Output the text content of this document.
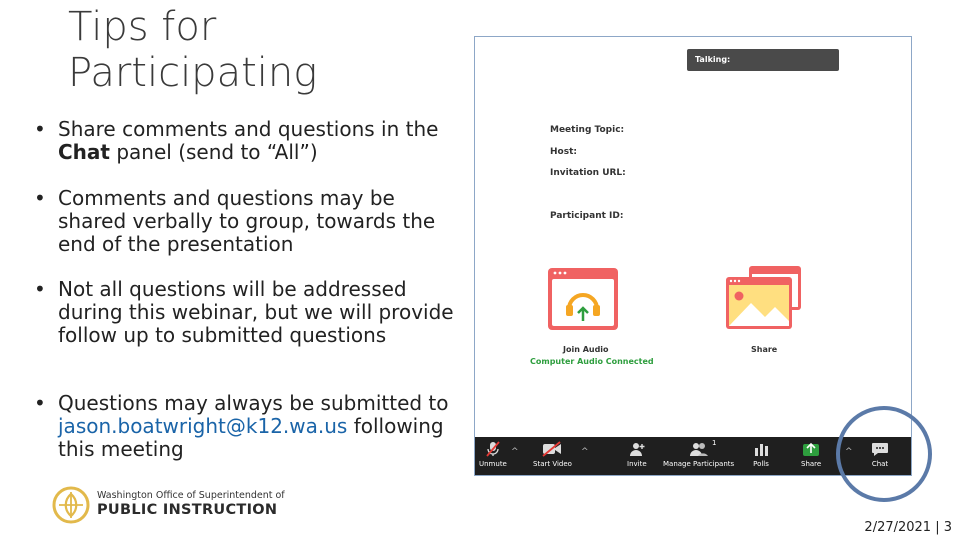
Tips for
Participating
• Share comments and questions in the Chat panel (send to “All”)
• Comments and questions may be shared verbally to group, towards the end of the presentation
• Not all questions will be addressed during this webinar, but we will provide follow up to submitted questions
• Questions may always be submitted to jason.boatwright@k12.wa.us following this meeting
Talking:
Meeting Topic:
Host:
Invitation URL:
Participant ID:
Join Audio
Computer Audio Connected
Share
Unmute
^
Start Video
^
Invite Manage Participants
1
Polls	Share
^
Chat
Washington Office of Superintendent of
PUBLIC INSTRUCTION
2/27/2021 | 3
